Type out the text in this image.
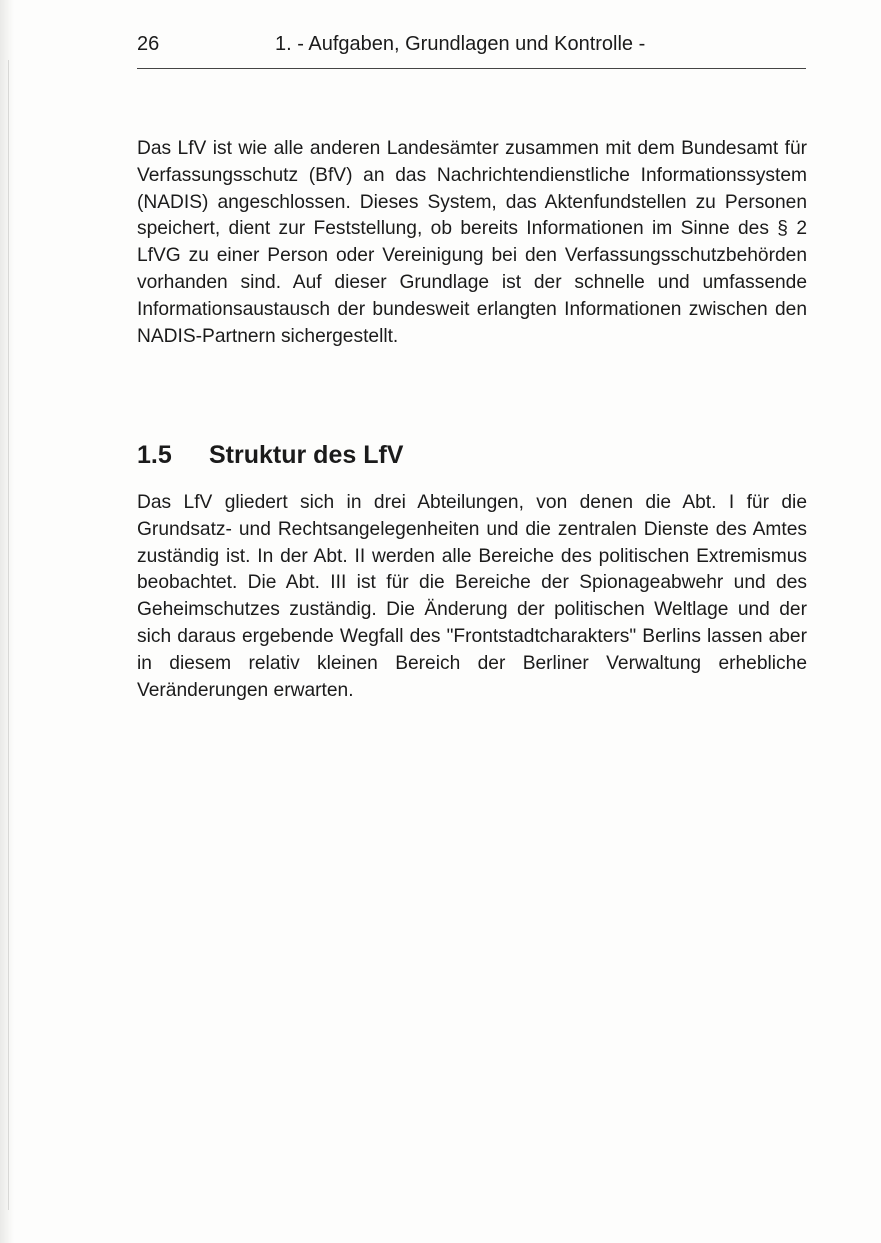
26	1. - Aufgaben, Grundlagen und Kontrolle -

Das LfV ist wie alle anderen Landesämter zusammen mit dem Bundesamt für Verfassungsschutz (BfV) an das Nachrichtendienstliche Informationssystem (NADIS) angeschlossen. Dieses System, das Aktenfundstellen zu Personen speichert, dient zur Feststellung, ob bereits Informationen im Sinne des § 2 LfVG zu einer Person oder Vereinigung bei den Verfassungsschutzbehörden vorhanden sind. Auf dieser Grundlage ist der schnelle und umfassende Informationsaustausch der bundesweit erlangten Informationen zwischen den NADIS-Partnern sichergestellt.

1.5 Struktur des LfV

Das LfV gliedert sich in drei Abteilungen, von denen die Abt. I für die Grundsatz- und Rechtsangelegenheiten und die zentralen Dienste des Amtes zuständig ist. In der Abt. II werden alle Bereiche des politischen Extremismus beobachtet. Die Abt. III ist für die Bereiche der Spionageabwehr und des Geheimschutzes zuständig. Die Änderung der politischen Weltlage und der sich daraus ergebende Wegfall des "Frontstadtcharakters" Berlins lassen aber in diesem relativ kleinen Bereich der Berliner Verwaltung erhebliche Veränderungen erwarten.
